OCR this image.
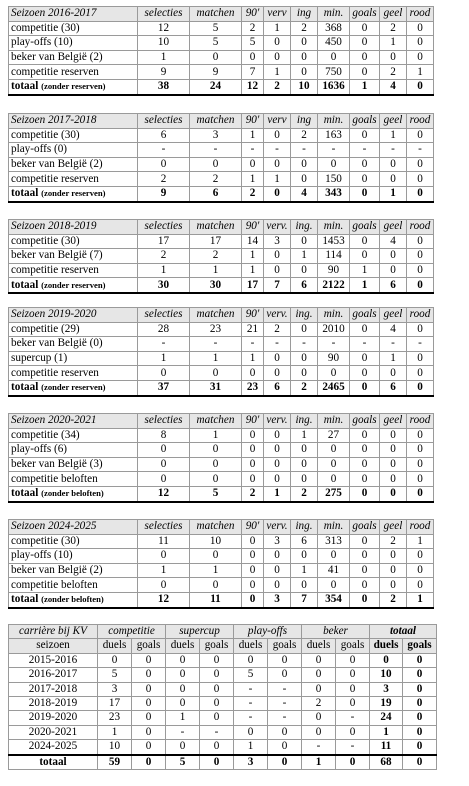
Seizoen 2016-2017	selecties	matchen	90'	verv	ing	min.	goals	geel	rood
competitie (30)	12	5	2	1	2	368	0	2	0
play-offs (10)	10	5	5	0	0	450	0	1	0
beker van België (2)	1	0	0	0	0	0	0	0	0
competitie reserven	9	9	7	1	0	750	0	2	1
totaal (zonder reserven)	38	24	12	2	10	1636	1	4	0
Seizoen 2017-2018	selecties	matchen	90'	verv	ing	min.	goals	geel	rood
competitie (30)	6	3	1	0	2	163	0	1	0
play-offs (0)	-	-	-	-	-	-	-	-	-
beker van België (2)	0	0	0	0	0	0	0	0	0
competitie reserven	2	2	1	1	0	150	0	0	0
totaal (zonder reserven)	9	6	2	0	4	343	0	1	0
Seizoen 2018-2019	selecties	matchen	90'	verv.	ing.	min.	goals	geel	rood
competitie (30)	17	17	14	3	0	1453	0	4	0
beker van België (7)	2	2	1	0	1	114	0	0	0
competitie reserven	1	1	1	0	0	90	1	0	0
totaal (zonder reserven)	30	30	17	7	6	2122	1	6	0
Seizoen 2019-2020	selecties	matchen	90'	verv.	ing.	min.	goals	geel	rood
competitie (29)	28	23	21	2	0	2010	0	4	0
beker van België (0)	-	-	-	-	-	-	-	-	-
supercup (1)	1	1	1	0	0	90	0	1	0
competitie reserven	0	0	0	0	0	0	0	0	0
totaal (zonder reserven)	37	31	23	6	2	2465	0	6	0
Seizoen 2020-2021	selecties	matchen	90'	verv.	ing.	min.	goals	geel	rood
competitie (34)	8	1	0	0	1	27	0	0	0
play-offs (6)	0	0	0	0	0	0	0	0	0
beker van België (3)	0	0	0	0	0	0	0	0	0
competitie beloften	0	0	0	0	0	0	0	0	0
totaal (zonder beloften)	12	5	2	1	2	275	0	0	0
Seizoen 2024-2025	selecties	matchen	90'	verv.	ing.	min.	goals	geel	rood
competitie (30)	11	10	0	3	6	313	0	2	1
play-offs (10)	0	0	0	0	0	0	0	0	0
beker van België (2)	1	1	0	0	1	41	0	0	0
competitie beloften	0	0	0	0	0	0	0	0	0
totaal (zonder beloften)	12	11	0	3	7	354	0	2	1
carrière bij KV	competitie		supercup		play-offs		beker		totaal	
seizoen	duels	goals	duels	goals	duels	goals	duels	goals	duels	goals
2015-2016	0	0	0	0	0	0	0	0	0	0
2016-2017	5	0	0	0	5	0	0	0	10	0
2017-2018	3	0	0	0	-	-	0	0	3	0
2018-2019	17	0	0	0	-	-	2	0	19	0
2019-2020	23	0	1	0	-	-	0	-	24	0
2020-2021	1	0	-	-	0	0	0	0	1	0
2024-2025	10	0	0	0	1	0	-	-	11	0
totaal	59	0	5	0	3	0	1	0	68	0
